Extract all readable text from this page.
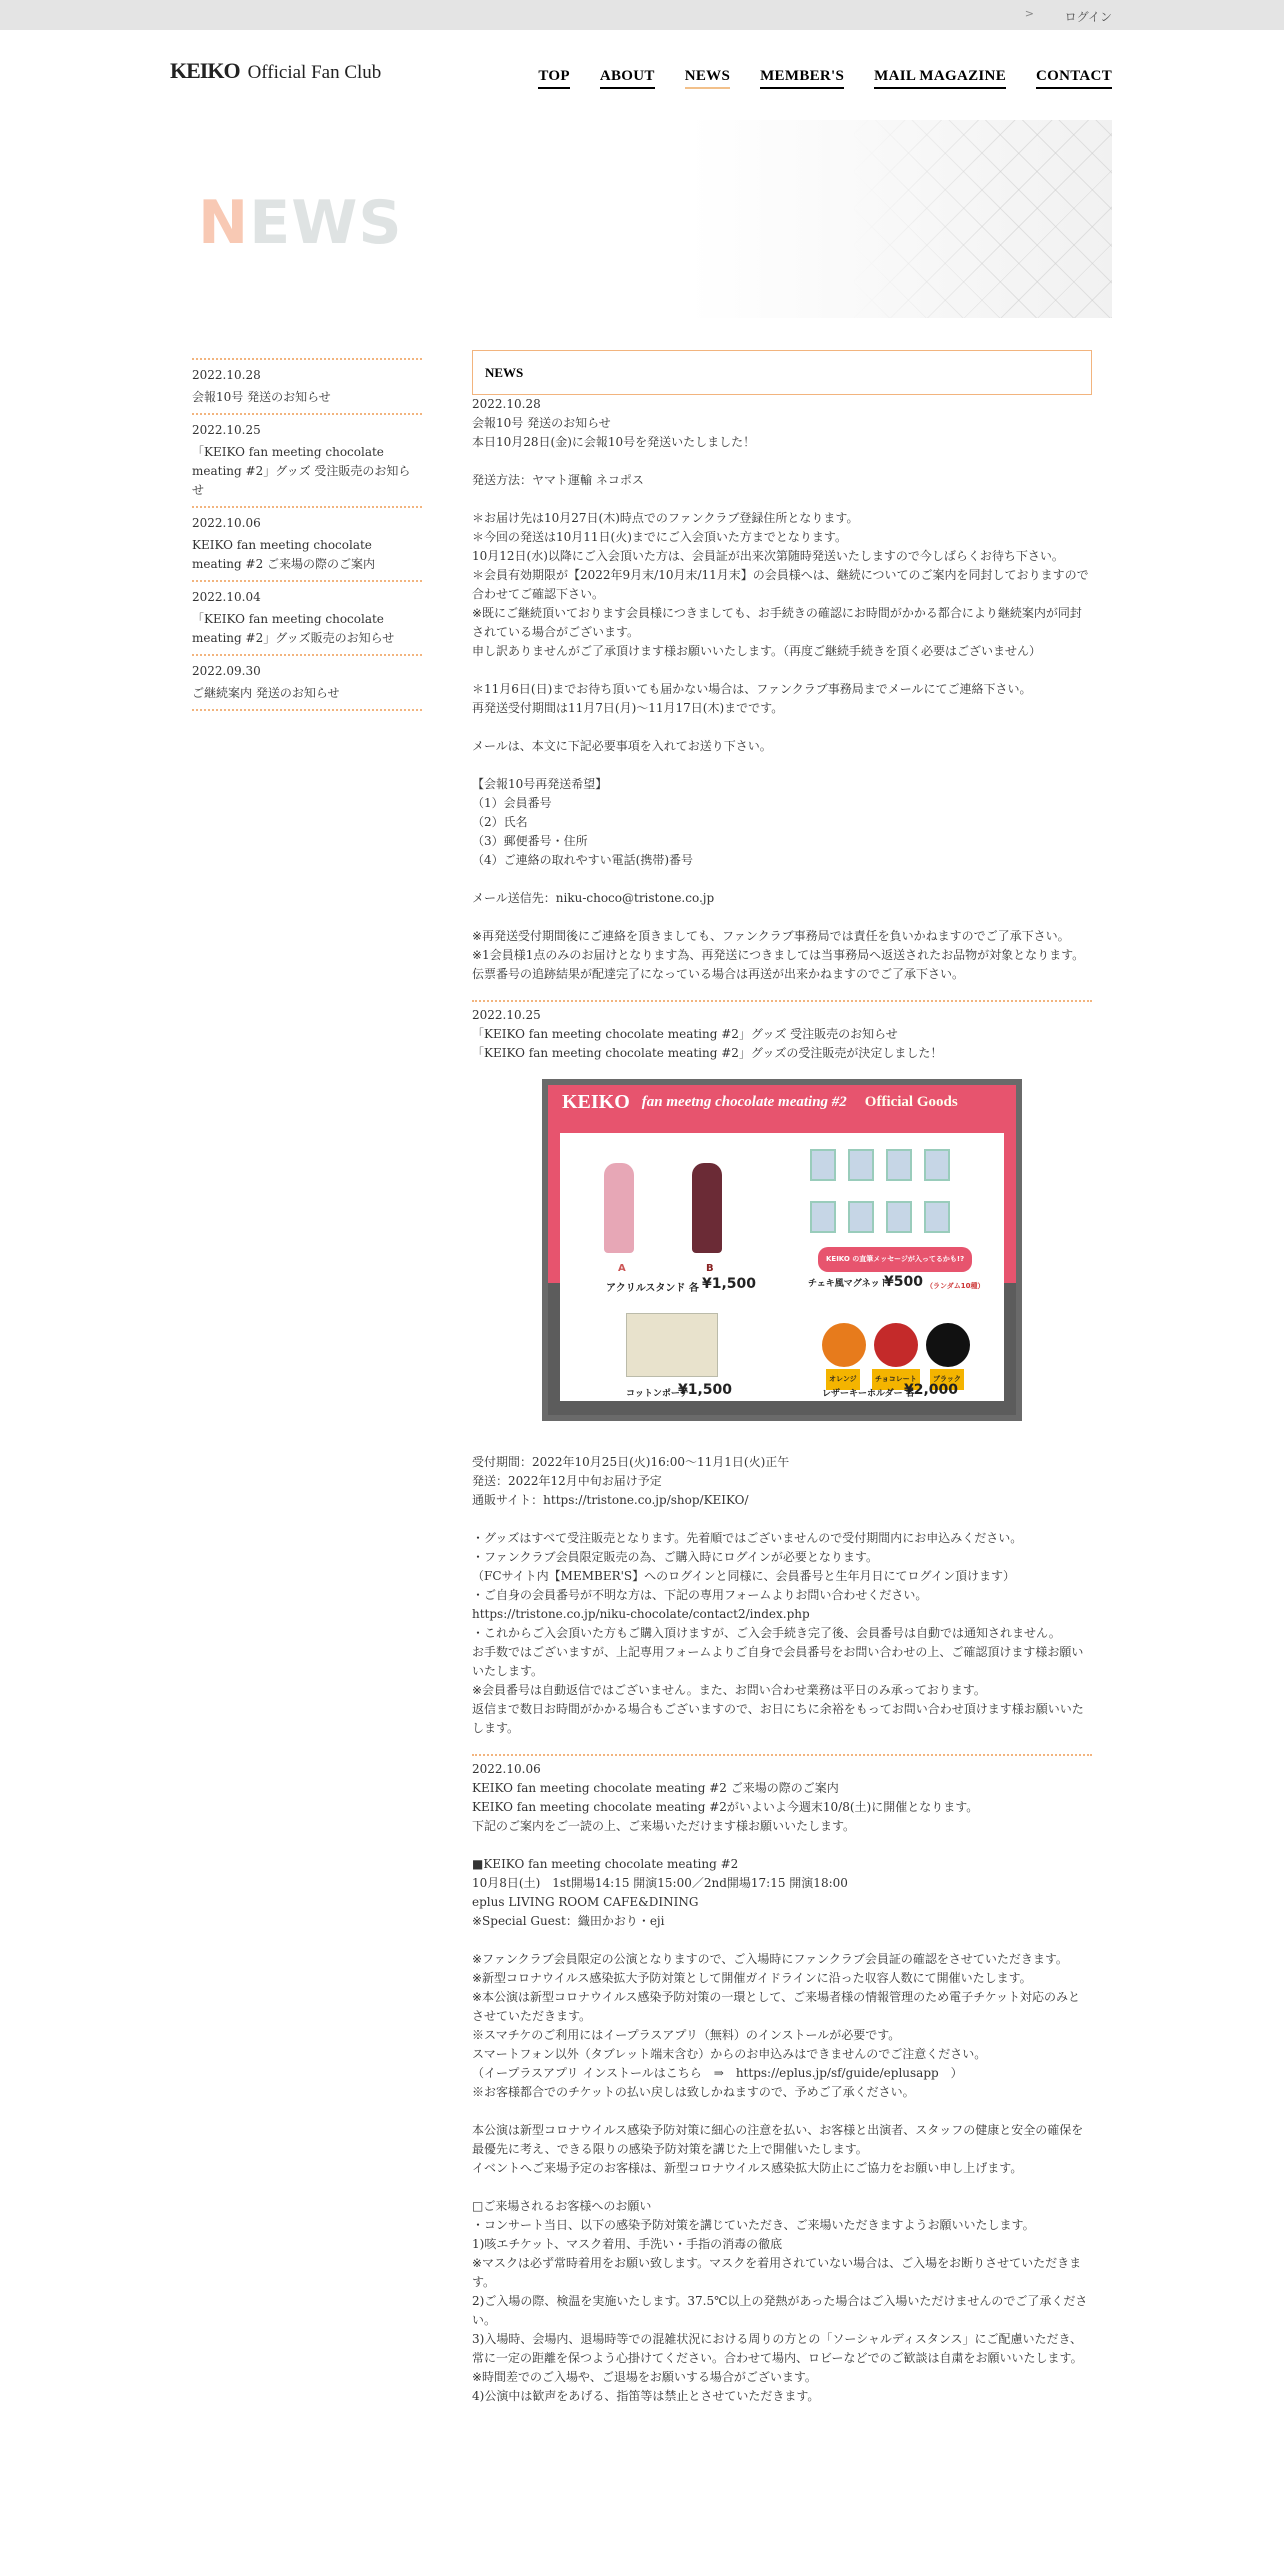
>	ログイン
KEIKO Official Fan Club	TOP ABOUT NEWS MEMBER'S MAIL MAGAZINE CONTACT
NEWS
2022.10.28
会報10号 発送のお知らせ
2022.10.25
「KEIKO fan meeting chocolate meating #2」グッズ 受注販売のお知らせ
2022.10.06
KEIKO fan meeting chocolate meating #2 ご来場の際のご案内
2022.10.04
「KEIKO fan meeting chocolate meating #2」グッズ販売のお知らせ
2022.09.30
ご継続案内 発送のお知らせ
NEWS
2022.10.28
会報10号 発送のお知らせ
本日10月28日(金)に会報10号を発送いたしました！

発送方法：ヤマト運輸 ネコポス

＊お届け先は10月27日(木)時点でのファンクラブ登録住所となります。
＊今回の発送は10月11日(火)までにご入会頂いた方までとなります。
10月12日(水)以降にご入会頂いた方は、会員証が出来次第随時発送いたしますので今しばらくお待ち下さい。
＊会員有効期限が【2022年9月末/10月末/11月末】の会員様へは、継続についてのご案内を同封しておりますので合わせてご確認下さい。
※既にご継続頂いております会員様につきましても、お手続きの確認にお時間がかかる都合により継続案内が同封されている場合がございます。
申し訳ありませんがご了承頂けます様お願いいたします。（再度ご継続手続きを頂く必要はございません）

＊11月6日(日)までお待ち頂いても届かない場合は、ファンクラブ事務局までメールにてご連絡下さい。
再発送受付期間は11月7日(月)～11月17日(木)までです。

メールは、本文に下記必要事項を入れてお送り下さい。

【会報10号再発送希望】
（1）会員番号
（2）氏名
（3）郵便番号・住所
（4）ご連絡の取れやすい電話(携帯)番号

メール送信先：niku-choco@tristone.co.jp

※再発送受付期間後にご連絡を頂きましても、ファンクラブ事務局では責任を負いかねますのでご了承下さい。
※1会員様1点のみのお届けとなります為、再発送につきましては当事務局へ返送されたお品物が対象となります。
伝票番号の追跡結果が配達完了になっている場合は再送が出来かねますのでご了承下さい。
2022.10.25
「KEIKO fan meeting chocolate meating #2」グッズ 受注販売のお知らせ
「KEIKO fan meeting chocolate meating #2」グッズの受注販売が決定しました！
KEIKO fan meetng chocolate meating #2 Official Goods
A	B
アクリルスタンド 各 ¥1,500
KEIKO の直筆メッセージが入ってるかも!?
チェキ風マグネット
¥500 （ランダム10種）
コットンポーチ
¥1,500
オレンジ	チョコレート	ブラック
レザーキーホルダー 各
¥2,000
受付期間：2022年10月25日(火)16:00～11月1日(火)正午
発送：2022年12月中旬お届け予定
通販サイト：https://tristone.co.jp/shop/KEIKO/

・グッズはすべて受注販売となります。先着順ではございませんので受付期間内にお申込みください。
・ファンクラブ会員限定販売の為、ご購入時にログインが必要となります。
（FCサイト内【MEMBER'S】へのログインと同様に、会員番号と生年月日にてログイン頂けます）
・ご自身の会員番号が不明な方は、下記の専用フォームよりお問い合わせください。
https://tristone.co.jp/niku-chocolate/contact2/index.php
・これからご入会頂いた方もご購入頂けますが、ご入会手続き完了後、会員番号は自動では通知されません。
お手数ではございますが、上記専用フォームよりご自身で会員番号をお問い合わせの上、ご確認頂けます様お願いいたします。
※会員番号は自動返信ではございません。また、お問い合わせ業務は平日のみ承っております。
返信まで数日お時間がかかる場合もございますので、お日にちに余裕をもってお問い合わせ頂けます様お願いいたします。
2022.10.06
KEIKO fan meeting chocolate meating #2 ご来場の際のご案内
KEIKO fan meeting chocolate meating #2がいよいよ今週末10/8(土)に開催となります。
下記のご案内をご一読の上、ご来場いただけます様お願いいたします。

■KEIKO fan meeting chocolate meating #2
10月8日(土)　1st開場14:15 開演15:00／2nd開場17:15 開演18:00
eplus LIVING ROOM CAFE&DINING
※Special Guest：織田かおり・eji

※ファンクラブ会員限定の公演となりますので、ご入場時にファンクラブ会員証の確認をさせていただきます。
※新型コロナウイルス感染拡大予防対策として開催ガイドラインに沿った収容人数にて開催いたします。
※本公演は新型コロナウイルス感染予防対策の一環として、ご来場者様の情報管理のため電子チケット対応のみとさせていただきます。
※スマチケのご利用にはイープラスアプリ（無料）のインストールが必要です。
スマートフォン以外（タブレット端末含む）からのお申込みはできませんのでご注意ください。
（イープラスアプリ インストールはこちら　⇒　https://eplus.jp/sf/guide/eplusapp　）
※お客様都合でのチケットの払い戻しは致しかねますので、予めご了承ください。

本公演は新型コロナウイルス感染予防対策に細心の注意を払い、お客様と出演者、スタッフの健康と安全の確保を最優先に考え、できる限りの感染予防対策を講じた上で開催いたします。
イベントへご来場予定のお客様は、新型コロナウイルス感染拡大防止にご協力をお願い申し上げます。

□ご来場されるお客様へのお願い
・コンサート当日、以下の感染予防対策を講じていただき、ご来場いただきますようお願いいたします。
1)咳エチケット、マスク着用、手洗い・手指の消毒の徹底
※マスクは必ず常時着用をお願い致します。マスクを着用されていない場合は、ご入場をお断りさせていただきます。
2)ご入場の際、検温を実施いたします。37.5℃以上の発熱があった場合はご入場いただけませんのでご了承ください。
3)入場時、会場内、退場時等での混雑状況における周りの方との「ソーシャルディスタンス」にご配慮いただき、常に一定の距離を保つよう心掛けてください。合わせて場内、ロビーなどでのご歓談は自粛をお願いいたします。
※時間差でのご入場や、ご退場をお願いする場合がございます。
4)公演中は歓声をあげる、指笛等は禁止とさせていただきます。
